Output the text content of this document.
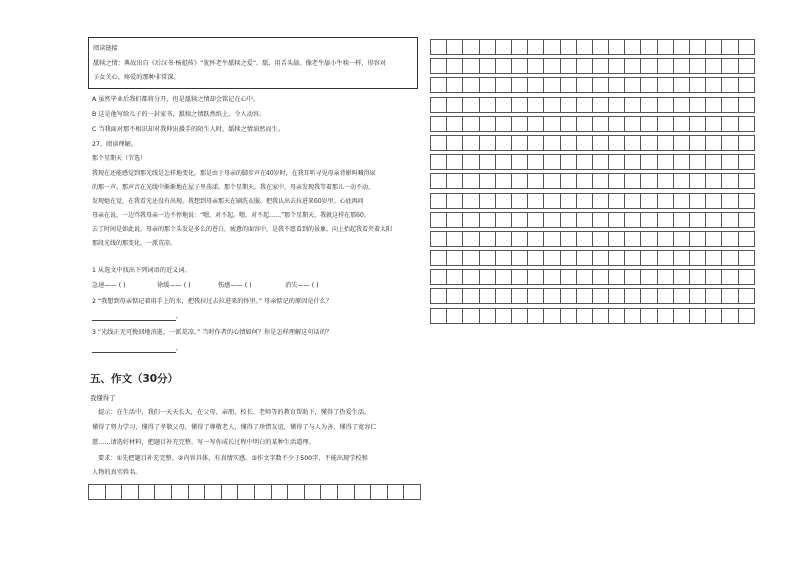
阅读链接
舐犊之情：典故出自《后汉书·杨彪传》“犹怀老牛舐犊之爱”。舐，用舌头舔。像老牛舔小牛犊一样，形容对
子女关心、疼爱的那种非常深。
A 虽然毕业后我们都将分开，但是舐犊之情却会铭记在心中。
B 这是他写给儿子的一封家书，舐犊之情跃然纸上，令人动容。
C 当我面对那不相识却对我伸出援手的陌生人时，舐犊之情油然而生。
27、阅读理解。
那个星期天（节选）
我现在还能感觉到那光线是怎样地变化，那是由于母亲的脚步声在40岁时，在我耳听寻见母亲背影叫喊得尿
的那一声。那声音在光线中渐渐地在屋子里荡漾。那个星期天。我在家中，母亲发现我等着那儿一动不动，
发现她在觉，在我看光还没有出现。我想到母亲那天在刷洗衣服，把我认出去拉进来60岁里。心底再问
母亲在说，一边骂我母亲一边不停地说：“嗯，对不起。嗯，对不起……”那个星期天，我就这样在那60。
去了时间是如此说。母亲的那个头发是多么的苍白，疲惫的面容中，是我不愿看到的景象，向上抬起我看夹着太阳
那段光线的那变化，一派荒凉。
1 从选文中找出下列词语的近义词。
急速—— ( )	徐缓—— ( )	伤感—— ( )	消失—— ( )
2 “我想到母亲惦记着用手上的水，把我拉过去拉进来的怀里。” 母亲惦记的原因是什么？
。
3 “光线正无可挽回地消逝，一派荒凉。” 当时作者的心情如何？你是怎样理解这句话的？
。
五、作文（30分）
我懂得了
提示：在生活中，我们一天天长大，在父母、亲朋、校长、老师等的教育帮助下，懂得了热爱生活，
懂得了努力学习，懂得了孝敬父母，懂得了尊敬老人，懂得了珍惜友谊，懂得了与人为善，懂得了宽容仁
慈……请选好材料，把题目补充完整，写一写你成长过程中明白的某种生活道理。
要求：①先把题目补充完整。②内容具体，有真情实感。③作文字数不少于500字，不能出现学校和
人物的真实姓名。
